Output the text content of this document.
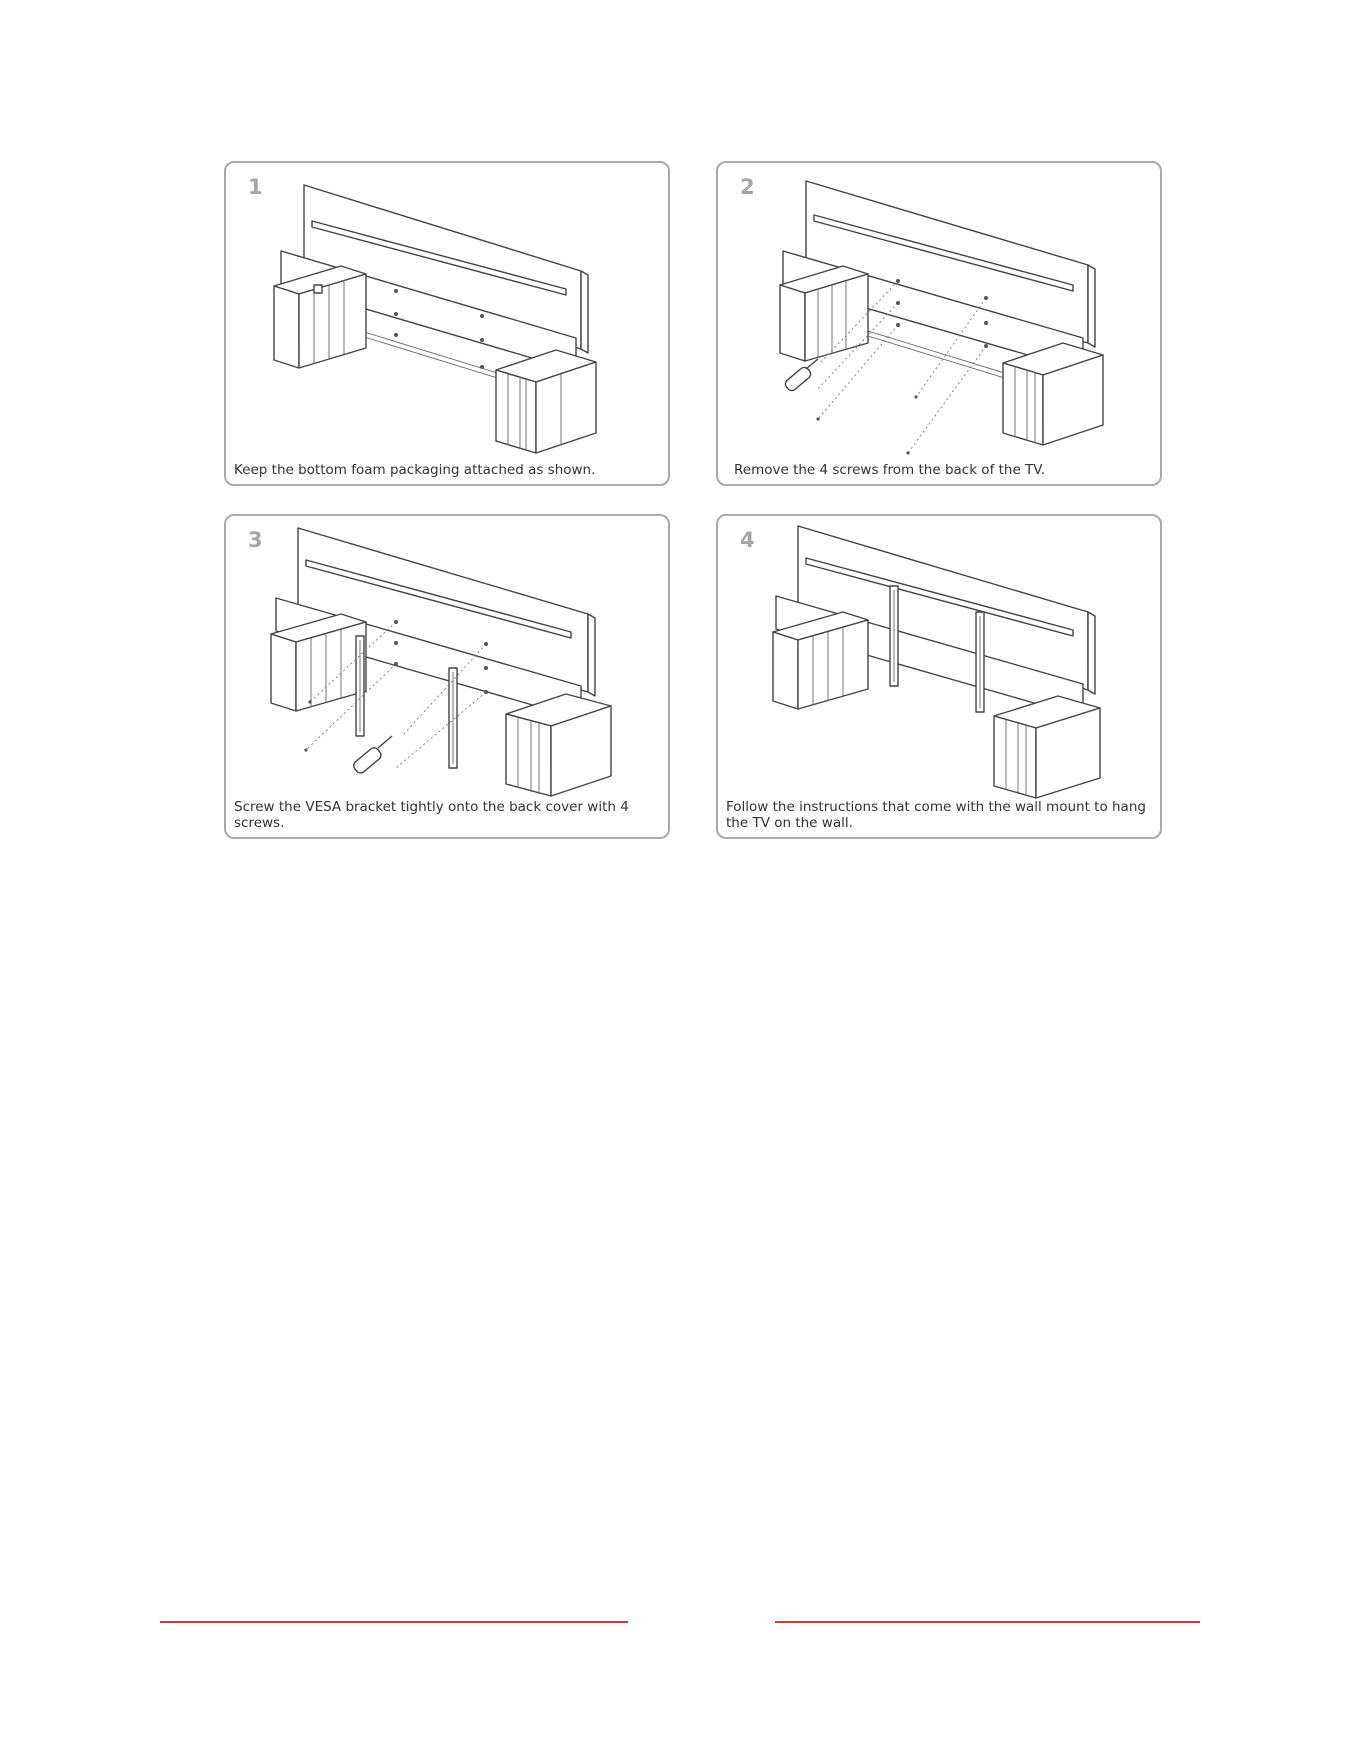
1
Keep the bottom foam packaging attached as shown.
2
Remove the 4 screws from the back of the TV.
3
Screw the VESA bracket tightly onto the back cover with 4 screws.
4
Follow the instructions that come with the wall mount to hang the TV on the wall.
